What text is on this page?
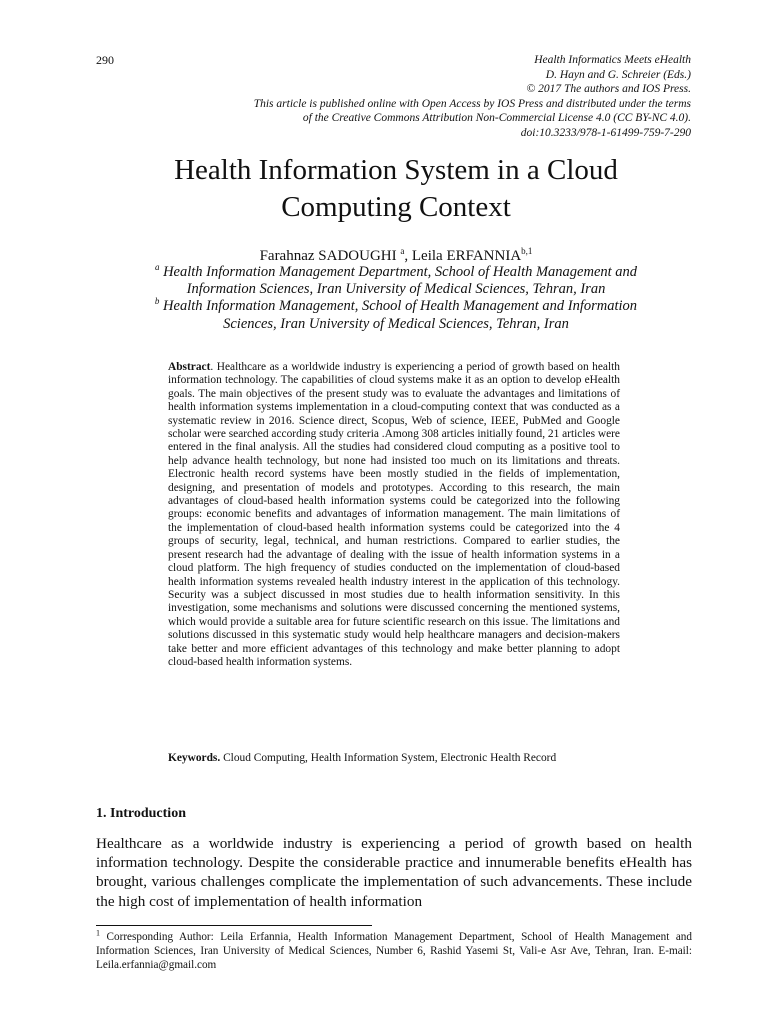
290	Health Informatics Meets eHealth
D. Hayn and G. Schreier (Eds.)
© 2017 The authors and IOS Press.
This article is published online with Open Access by IOS Press and distributed under the terms
of the Creative Commons Attribution Non-Commercial License 4.0 (CC BY-NC 4.0).
doi:10.3233/978-1-61499-759-7-290
Health Information System in a Cloud
Computing Context
Farahnaz SADOUGHI $^a$, Leila ERFANNIA$^{b,1}$
$^a$ Health Information Management Department, School of Health Management and
Information Sciences, Iran University of Medical Sciences, Tehran, Iran
$^b$ Health Information Management, School of Health Management and Information
Sciences, Iran University of Medical Sciences, Tehran, Iran
Abstract. Healthcare as a worldwide industry is experiencing a period of growth based on health information technology. The capabilities of cloud systems make it as an option to develop eHealth goals. The main objectives of the present study was to evaluate the advantages and limitations of health information systems implementation in a cloud-computing context that was conducted as a systematic review in 2016. Science direct, Scopus, Web of science, IEEE, PubMed and Google scholar were searched according study criteria .Among 308 articles initially found, 21 articles were entered in the final analysis. All the studies had considered cloud computing as a positive tool to help advance health technology, but none had insisted too much on its limitations and threats. Electronic health record systems have been mostly studied in the fields of implementation, designing, and presentation of models and prototypes. According to this research, the main advantages of cloud-based health information systems could be categorized into the following groups: economic benefits and advantages of information management. The main limitations of the implementation of cloud-based health information systems could be categorized into the 4 groups of security, legal, technical, and human restrictions. Compared to earlier studies, the present research had the advantage of dealing with the issue of health information systems in a cloud platform. The high frequency of studies conducted on the implementation of cloud-based health information systems revealed health industry interest in the application of this technology. Security was a subject discussed in most studies due to health information sensitivity. In this investigation, some mechanisms and solutions were discussed concerning the mentioned systems, which would provide a suitable area for future scientific research on this issue. The limitations and solutions discussed in this systematic study would help healthcare managers and decision-makers take better and more efficient advantages of this technology and make better planning to adopt cloud-based health information systems.
Keywords. Cloud Computing, Health Information System, Electronic Health Record
1. Introduction

Healthcare as a worldwide industry is experiencing a period of growth based on health information technology. Despite the considerable practice and innumerable benefits eHealth has brought, various challenges complicate the implementation of such advancements. These include the high cost of implementation of health information

$^1$ Corresponding Author: Leila Erfannia, Health Information Management Department, School of Health Management and Information Sciences, Iran University of Medical Sciences, Number 6, Rashid Yasemi St, Vali-e Asr Ave, Tehran, Iran. E-mail: Leila.erfannia@gmail.com
